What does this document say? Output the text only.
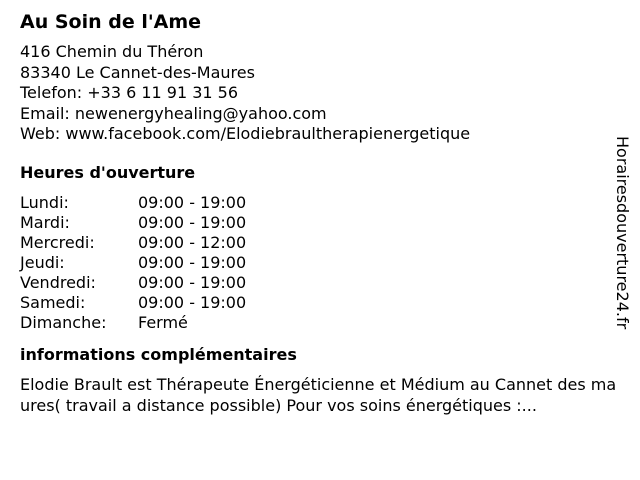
Au Soin de l'Ame
416 Chemin du Théron
83340 Le Cannet-des-Maures
Telefon: +33 6 11 91 31 56
Email: newenergyhealing@yahoo.com
Web: www.facebook.com/Elodiebraultherapienergetique
Heures d'ouverture
Lundi:	09:00 - 19:00
Mardi:	09:00 - 19:00
Mercredi:	09:00 - 12:00
Jeudi:	09:00 - 19:00
Vendredi:	09:00 - 19:00
Samedi:	09:00 - 19:00
Dimanche:	Fermé
informations complémentaires
Elodie Brault est Thérapeute Énergéticienne et Médium au Cannet des maures( travail a distance possible) Pour vos soins énergétiques :...
Horairesdouverture24.fr
